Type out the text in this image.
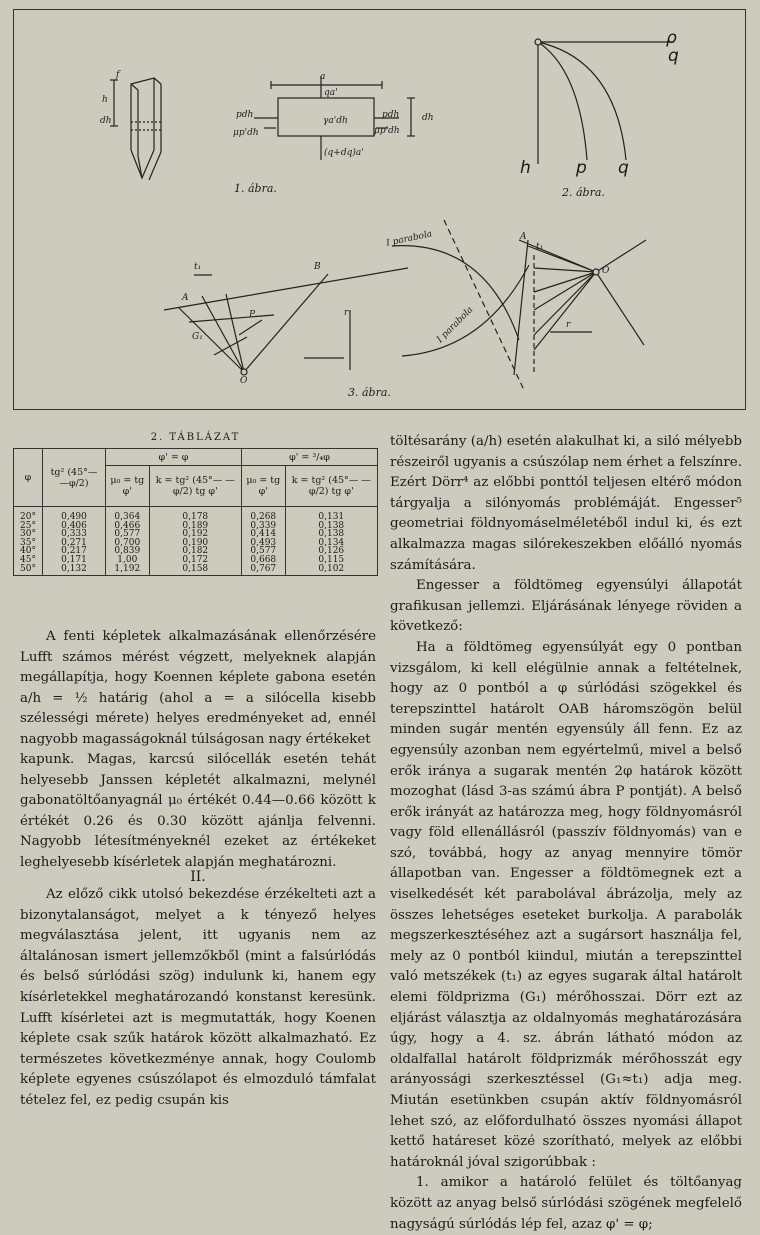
f
h
dh
a
qa'
pdh	pdh
μp'dh	μp'dh
γa'dh	dh
(q+dq)a'
1. ábra.
ρ
q
h	p q
2. ábra.
I parabola
I parabola
t₁
A
B
G₁
P
O
r
A
t₁
O
r
3. ábra.
2. TÁBLÁZAT
φ	tg² (45°— —φ/2)	φ' = φ		φ' = ³/₄φ	
		μ₀ = tg φ'	k = tg² (45°— —φ/2) tg φ'	μ₀ = tg φ'	k = tg² (45°— —φ/2) tg φ'

20°	0,490	0,364	0,178	0,268	0,131
25°	0,406	0,466	0,189	0,339	0,138
30°	0,333	0,577	0,192	0,414	0,138
35°	0,271	0,700	0,190	0,493	0,134
40°	0,217	0,839	0,182	0,577	0,126
45°	0,171	1,00	0,172	0,668	0,115
50°	0,132	1,192	0,158	0,767	0,102

A fenti képletek alkalmazásának ellenőrzésére Lufft számos mérést végzett, melyeknek alapján megállapítja, hogy Koennen képlete gabona esetén a/h = ½ határig (ahol a = a silócella kisebb szélességi mérete) helyes eredményeket ad, ennél nagyobb magasságoknál túlságosan nagy értékeket

kapunk. Magas, karcsú silócellák esetén tehát helyesebb Janssen képletét alkalmazni, melynél gabonatöltőanyagnál μ₀ értékét 0.44—0.66 között k értékét 0.26 és 0.30 között ajánlja felvenni. Nagyobb létesítményeknél ezeket az értékeket leghelyesebb kísérletek alapján meghatározni.

II.

Az előző cikk utolsó bekezdése érzékelteti azt a bizonytalanságot, melyet a k tényező helyes megválasztása jelent, itt ugyanis nem az általánosan ismert jellemzőkből (mint a falsúrlódás és belső súrlódási szög) indulunk ki, hanem egy kísérletekkel meghatározandó konstanst keresünk. Lufft kísérletei azt is megmutatták, hogy Koenen képlete csak szűk határok között alkalmazható. Ez természetes következménye annak, hogy Coulomb képlete egyenes csúszólapot és elmozduló támfalat tételez fel, ez pedig csupán kis

töltésarány (a/h) esetén alakulhat ki, a siló mélyebb részeiről ugyanis a csúszólap nem érhet a felszínre. Ezért Dörr⁴ az előbbi ponttól teljesen eltérő módon tárgyalja a silónyomás problémáját. Engesser⁵ geometriai földnyomáselméletéből indul ki, és ezt alkalmazza magas silórekeszekben előálló nyomás számítására.

Engesser a földtömeg egyensúlyi állapotát grafikusan jellemzi. Eljárásának lényege röviden a következő:

Ha a földtömeg egyensúlyát egy 0 pontban vizsgálom, ki kell elégülnie annak a feltételnek, hogy az 0 pontból a φ súrlódási szögekkel és terepszinttel határolt OAB háromszögön belül minden sugár mentén egyensúly áll fenn. Ez az egyensúly azonban nem egyértelmű, mivel a belső erők iránya a sugarak mentén 2φ határok között mozoghat (lásd 3-as számú ábra P pontját). A belső erők irányát az határozza meg, hogy földnyomásról vagy föld ellenállásról (passzív földnyomás) van e szó, továbbá, hogy az anyag mennyire tömör állapotban van. Engesser a földtömegnek ezt a viselkedését két parabolával ábrázolja, mely az összes lehetséges eseteket burkolja. A parabolák megszerkesztéséhez azt a sugársort használja fel, mely az 0 pontból kiindul, miután a terepszinttel való metszékek (t₁) az egyes sugarak által határolt elemi földprizma (G₁) mérőhosszai. Dörr ezt az eljárást választja az oldalnyomás meghatározására úgy, hogy a 4. sz. ábrán látható módon az oldalfallal határolt földprizmák mérőhosszát egy arányossági szerkesztéssel (G₁≈t₁) adja meg. Miután esetünkben csupán aktív földnyomásról lehet szó, az előfordulható összes nyomási állapot kettő határeset közé szorítható, melyek az előbbi határoknál jóval szigorúbbak :

1. amikor a határoló felület és töltőanyag között az anyag belső súrlódási szögének megfelelő nagyságú súrlódás lép fel, azaz φ' = φ;
